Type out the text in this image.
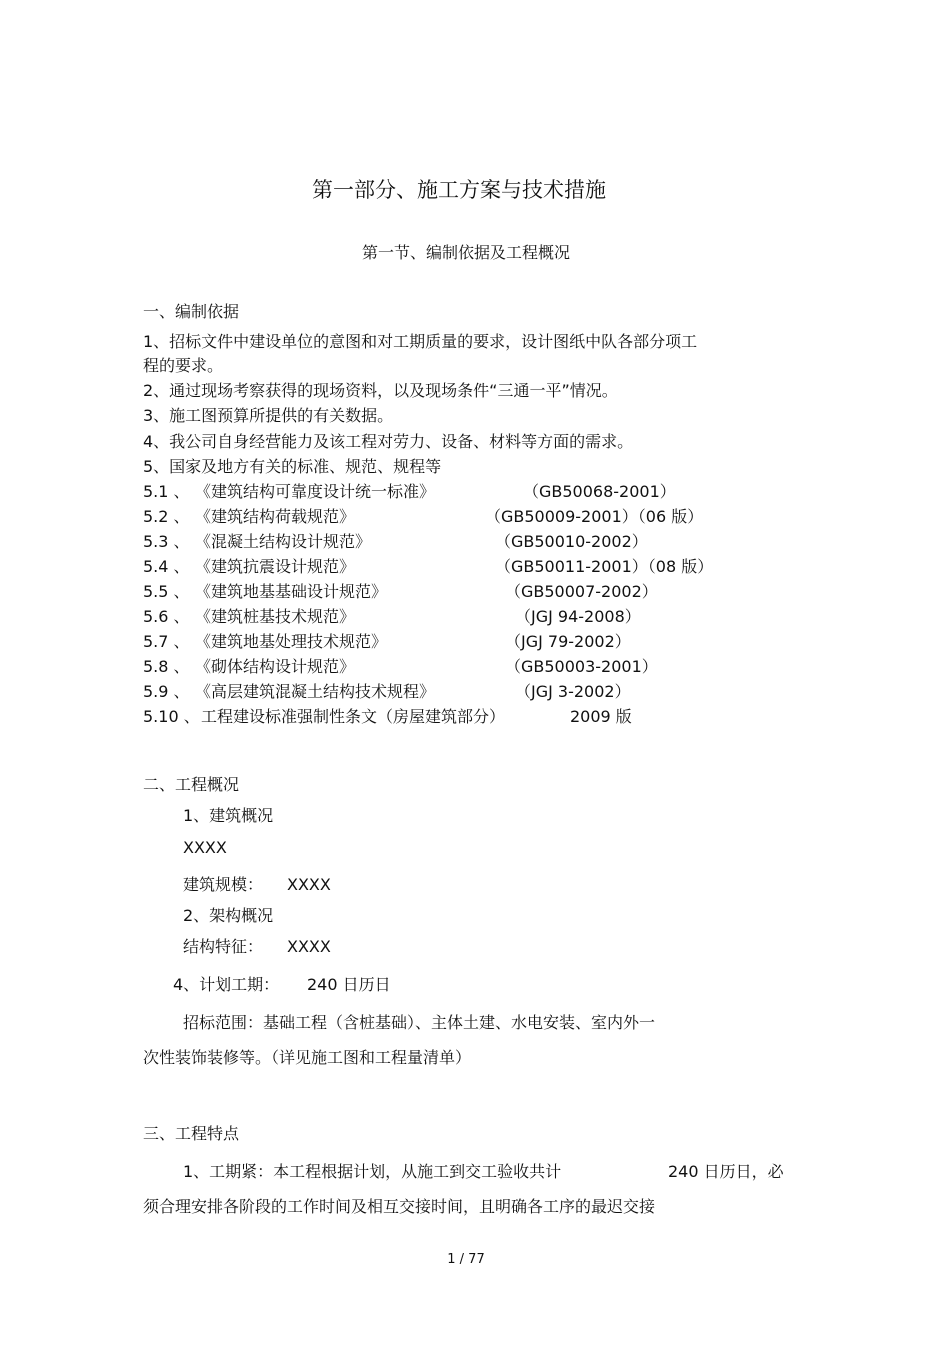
第一部分、施工方案与技术措施
第一节、编制依据及工程概况
一、编制依据
1、招标文件中建设单位的意图和对工期质量的要求，设计图纸中队各部分项工
程的要求。
2、通过现场考察获得的现场资料，以及现场条件“三通一平”情况。
3、施工图预算所提供的有关数据。
4、我公司自身经营能力及该工程对劳力、设备、材料等方面的需求。
5、国家及地方有关的标准、规范、规程等
5.1 、 《建筑结构可靠度设计统一标准》	（GB50068-2001）
5.2 、 《建筑结构荷载规范》	（GB50009-2001）（06 版）
5.3 、 《混凝土结构设计规范》	（GB50010-2002）
5.4 、 《建筑抗震设计规范》	（GB50011-2001）（08 版）
5.5 、 《建筑地基基础设计规范》	（GB50007-2002）
5.6 、 《建筑桩基技术规范》	（JGJ 94-2008）
5.7 、 《建筑地基处理技术规范》	（JGJ 79-2002）
5.8 、 《砌体结构设计规范》	（GB50003-2001）
5.9 、 《高层建筑混凝土结构技术规程》	（JGJ 3-2002）
5.10 、 工程建设标准强制性条文（房屋建筑部分）	2009 版
二、工程概况
1、建筑概况
XXXX
建筑规模： XXXX
2、架构概况
结构特征： XXXX
4、计划工期： 240 日历日
招标范围：基础工程（含桩基础）、主体土建、水电安装、室内外一
次性装饰装修等。（详见施工图和工程量清单）
三、工程特点
1、工期紧：本工程根据计划，从施工到交工验收共计	240 日历日，必
须合理安排各阶段的工作时间及相互交接时间，且明确各工序的最迟交接
1 / 77
